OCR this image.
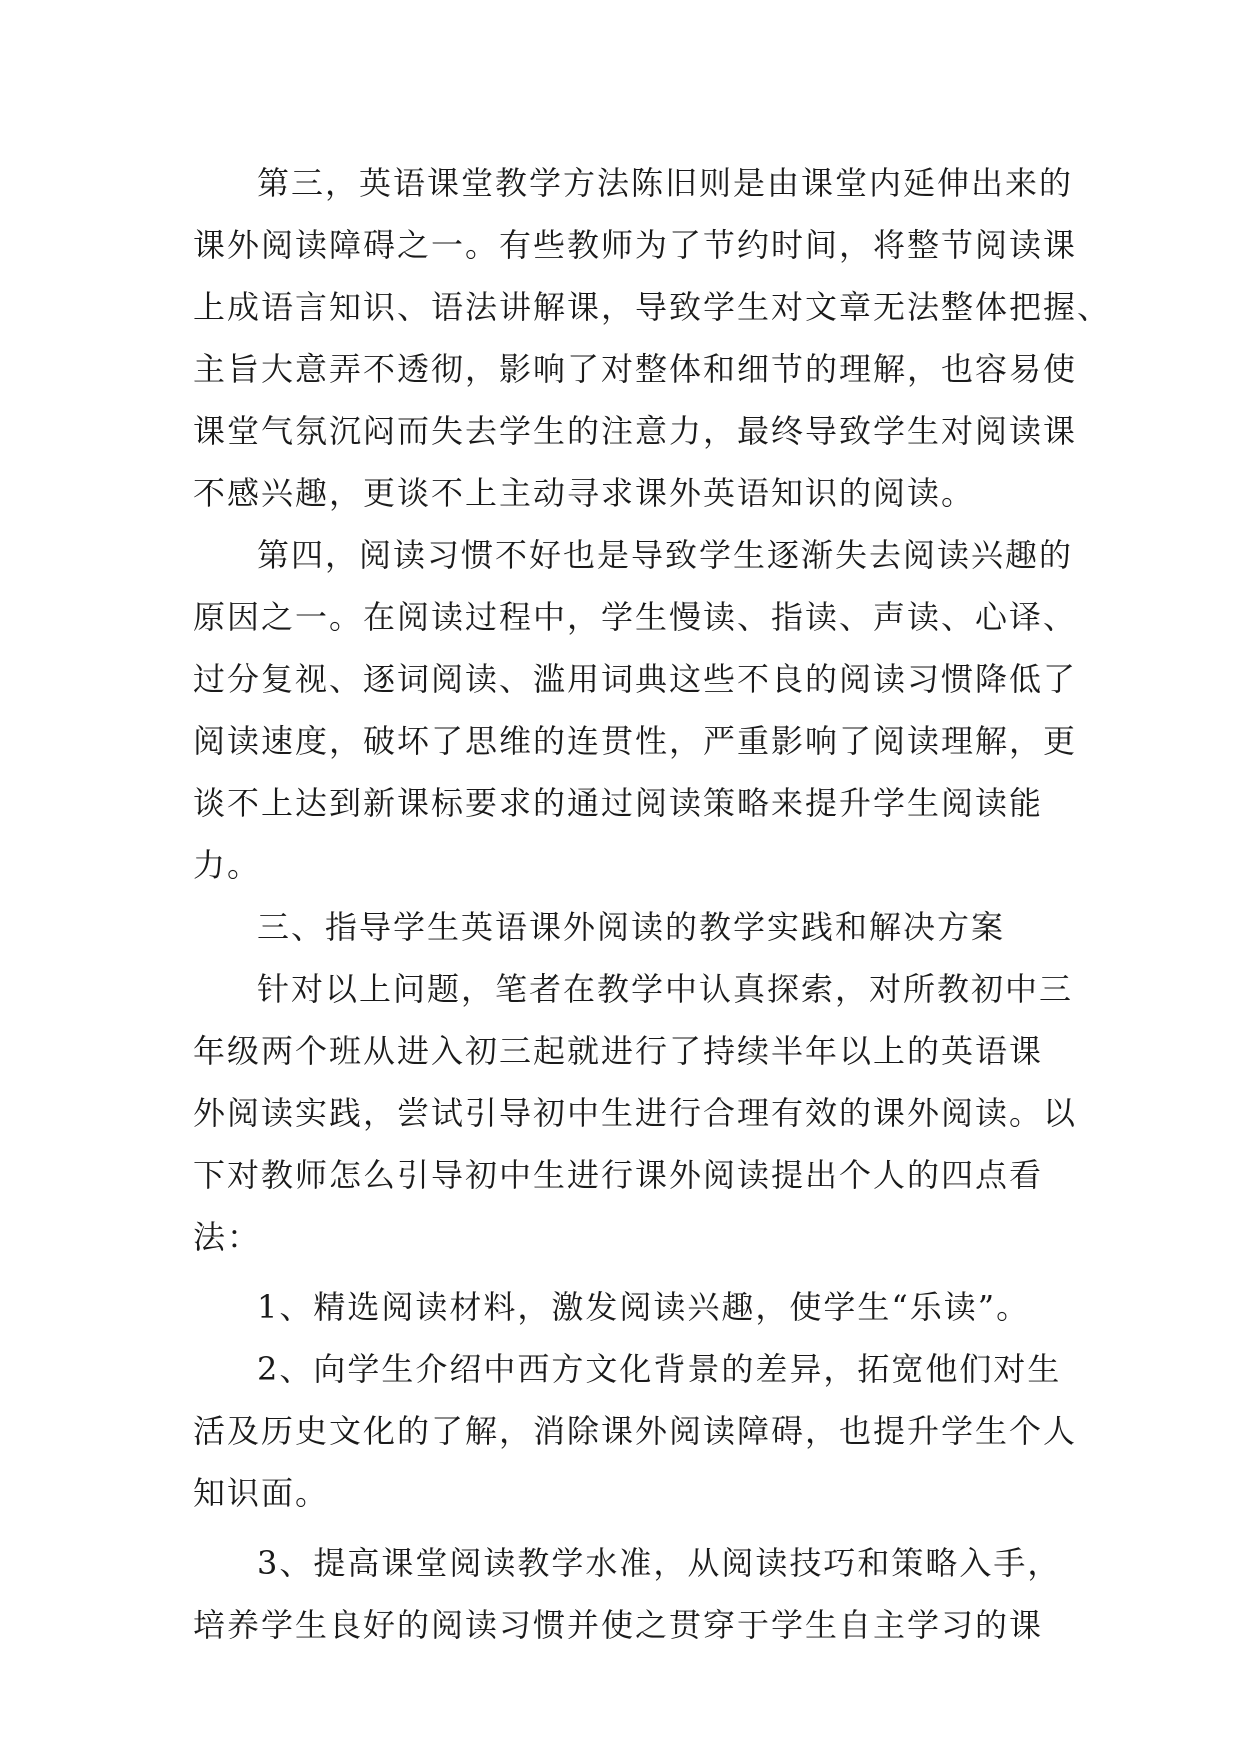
第三，英语课堂教学方法陈旧则是由课堂内延伸出来的
课外阅读障碍之一。有些教师为了节约时间，将整节阅读课
上成语言知识、语法讲解课，导致学生对文章无法整体把握、
主旨大意弄不透彻，影响了对整体和细节的理解，也容易使
课堂气氛沉闷而失去学生的注意力，最终导致学生对阅读课
不感兴趣，更谈不上主动寻求课外英语知识的阅读。
第四，阅读习惯不好也是导致学生逐渐失去阅读兴趣的
原因之一。在阅读过程中，学生慢读、指读、声读、心译、
过分复视、逐词阅读、滥用词典这些不良的阅读习惯降低了
阅读速度，破坏了思维的连贯性，严重影响了阅读理解，更
谈不上达到新课标要求的通过阅读策略来提升学生阅读能
力。
三、指导学生英语课外阅读的教学实践和解决方案
针对以上问题，笔者在教学中认真探索，对所教初中三
年级两个班从进入初三起就进行了持续半年以上的英语课
外阅读实践，尝试引导初中生进行合理有效的课外阅读。以
下对教师怎么引导初中生进行课外阅读提出个人的四点看
法：
1、精选阅读材料，激发阅读兴趣，使学生“乐读”。
2、向学生介绍中西方文化背景的差异，拓宽他们对生
活及历史文化的了解，消除课外阅读障碍，也提升学生个人
知识面。
3、提高课堂阅读教学水准，从阅读技巧和策略入手，
培养学生良好的阅读习惯并使之贯穿于学生自主学习的课
